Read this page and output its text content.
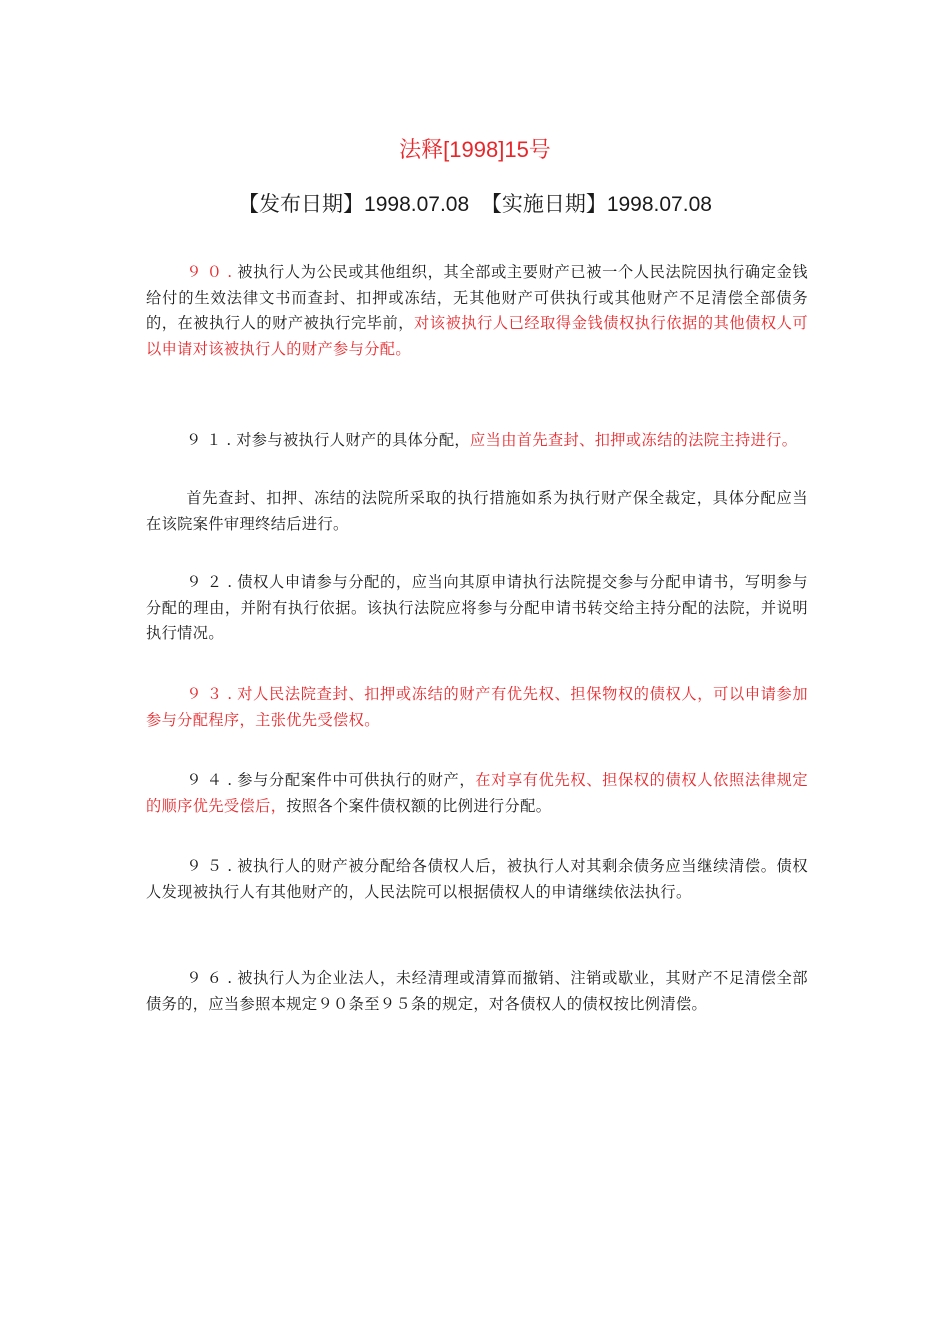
法释[1998]15号
【发布日期】1998.07.08 【实施日期】1998.07.08

９０.被执行人为公民或其他组织，其全部或主要财产已被一个人民法院因执行确定金钱给付的生效法律文书而查封、扣押或冻结，无其他财产可供执行或其他财产不足清偿全部债务的，在被执行人的财产被执行完毕前，对该被执行人已经取得金钱债权执行依据的其他债权人可以申请对该被执行人的财产参与分配。

９１.对参与被执行人财产的具体分配，应当由首先查封、扣押或冻结的法院主持进行。

首先查封、扣押、冻结的法院所采取的执行措施如系为执行财产保全裁定，具体分配应当在该院案件审理终结后进行。

９２.债权人申请参与分配的，应当向其原申请执行法院提交参与分配申请书，写明参与分配的理由，并附有执行依据。该执行法院应将参与分配申请书转交给主持分配的法院，并说明执行情况。

９３.对人民法院查封、扣押或冻结的财产有优先权、担保物权的债权人，可以申请参加参与分配程序，主张优先受偿权。

９４.参与分配案件中可供执行的财产，在对享有优先权、担保权的债权人依照法律规定的顺序优先受偿后，按照各个案件债权额的比例进行分配。

９５.被执行人的财产被分配给各债权人后，被执行人对其剩余债务应当继续清偿。债权人发现被执行人有其他财产的，人民法院可以根据债权人的申请继续依法执行。

９６.被执行人为企业法人，未经清理或清算而撤销、注销或歇业，其财产不足清偿全部债务的，应当参照本规定９０条至９５条的规定，对各债权人的债权按比例清偿。
